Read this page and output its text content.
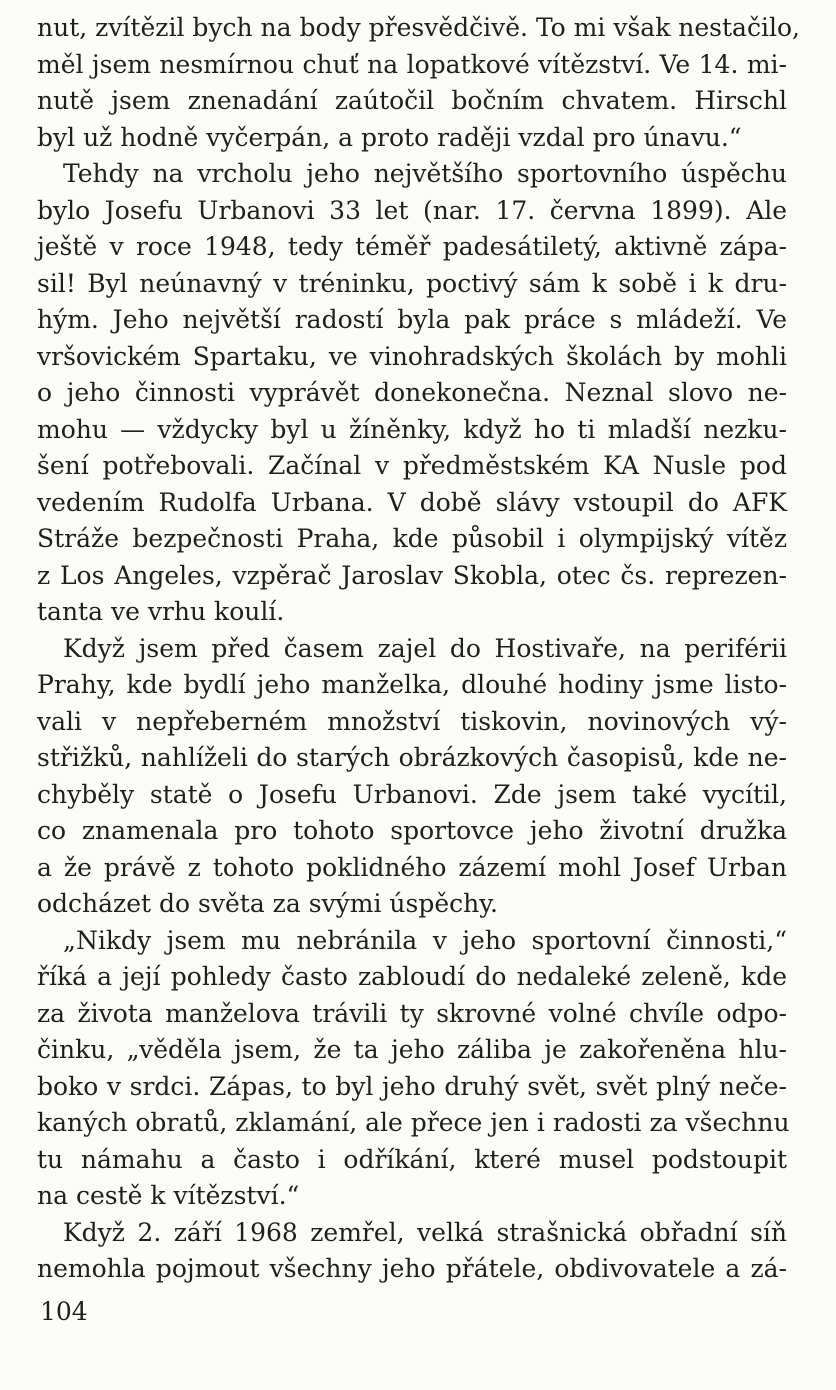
nut, zvítězil bych na body přesvědčivě. To mi však nestačilo,
měl jsem nesmírnou chuť na lopatkové vítězství. Ve 14. mi-
nutě jsem znenadání zaútočil bočním chvatem. Hirschl
byl už hodně vyčerpán, a proto raději vzdal pro únavu.“
Tehdy na vrcholu jeho největšího sportovního úspěchu
bylo Josefu Urbanovi 33 let (nar. 17. června 1899). Ale
ještě v roce 1948, tedy téměř padesátiletý, aktivně zápa-
sil! Byl neúnavný v tréninku, poctivý sám k sobě i k dru-
hým. Jeho největší radostí byla pak práce s mládeží. Ve
vršovickém Spartaku, ve vinohradských školách by mohli
o jeho činnosti vyprávět donekonečna. Neznal slovo ne-
mohu — vždycky byl u žíněnky, když ho ti mladší nezku-
šení potřebovali. Začínal v předměstském KA Nusle pod
vedením Rudolfa Urbana. V době slávy vstoupil do AFK
Stráže bezpečnosti Praha, kde působil i olympijský vítěz
z Los Angeles, vzpěrač Jaroslav Skobla, otec čs. reprezen-
tanta ve vrhu koulí.
Když jsem před časem zajel do Hostivaře, na periférii
Prahy, kde bydlí jeho manželka, dlouhé hodiny jsme listo-
vali v nepřeberném množství tiskovin, novinových vý-
střižků, nahlíželi do starých obrázkových časopisů, kde ne-
chyběly statě o Josefu Urbanovi. Zde jsem také vycítil,
co znamenala pro tohoto sportovce jeho životní družka
a že právě z tohoto poklidného zázemí mohl Josef Urban
odcházet do světa za svými úspěchy.
„Nikdy jsem mu nebránila v jeho sportovní činnosti,“
říká a její pohledy často zabloudí do nedaleké zeleně, kde
za života manželova trávili ty skrovné volné chvíle odpo-
činku, „věděla jsem, že ta jeho záliba je zakořeněna hlu-
boko v srdci. Zápas, to byl jeho druhý svět, svět plný neče-
kaných obratů, zklamání, ale přece jen i radosti za všechnu
tu námahu a často i odříkání, které musel podstoupit
na cestě k vítězství.“
Když 2. září 1968 zemřel, velká strašnická obřadní síň
nemohla pojmout všechny jeho přátele, obdivovatele a zá-
104
